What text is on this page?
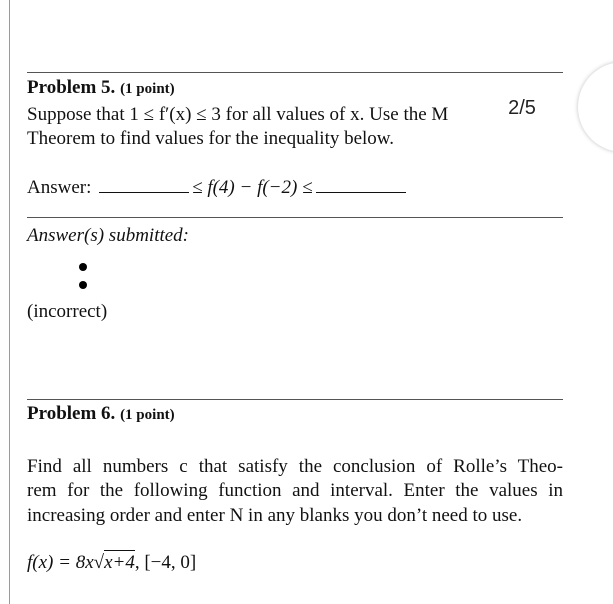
Problem 5. (1 point)
Suppose that 1 ≤ f′(x) ≤ 3 for all values of x. Use the M
Theorem to find values for the inequality below.
Answer:	≤ f(4) − f(−2) ≤
Answer(s) submitted:
(incorrect)
Problem 6. (1 point)
Find all numbers c that satisfy the conclusion of Rolle’s Theo-
rem for the following function and interval. Enter the values in
increasing order and enter N in any blanks you don’t need to use.
f(x) = 8x√x+4, [−4, 0]
2/5
